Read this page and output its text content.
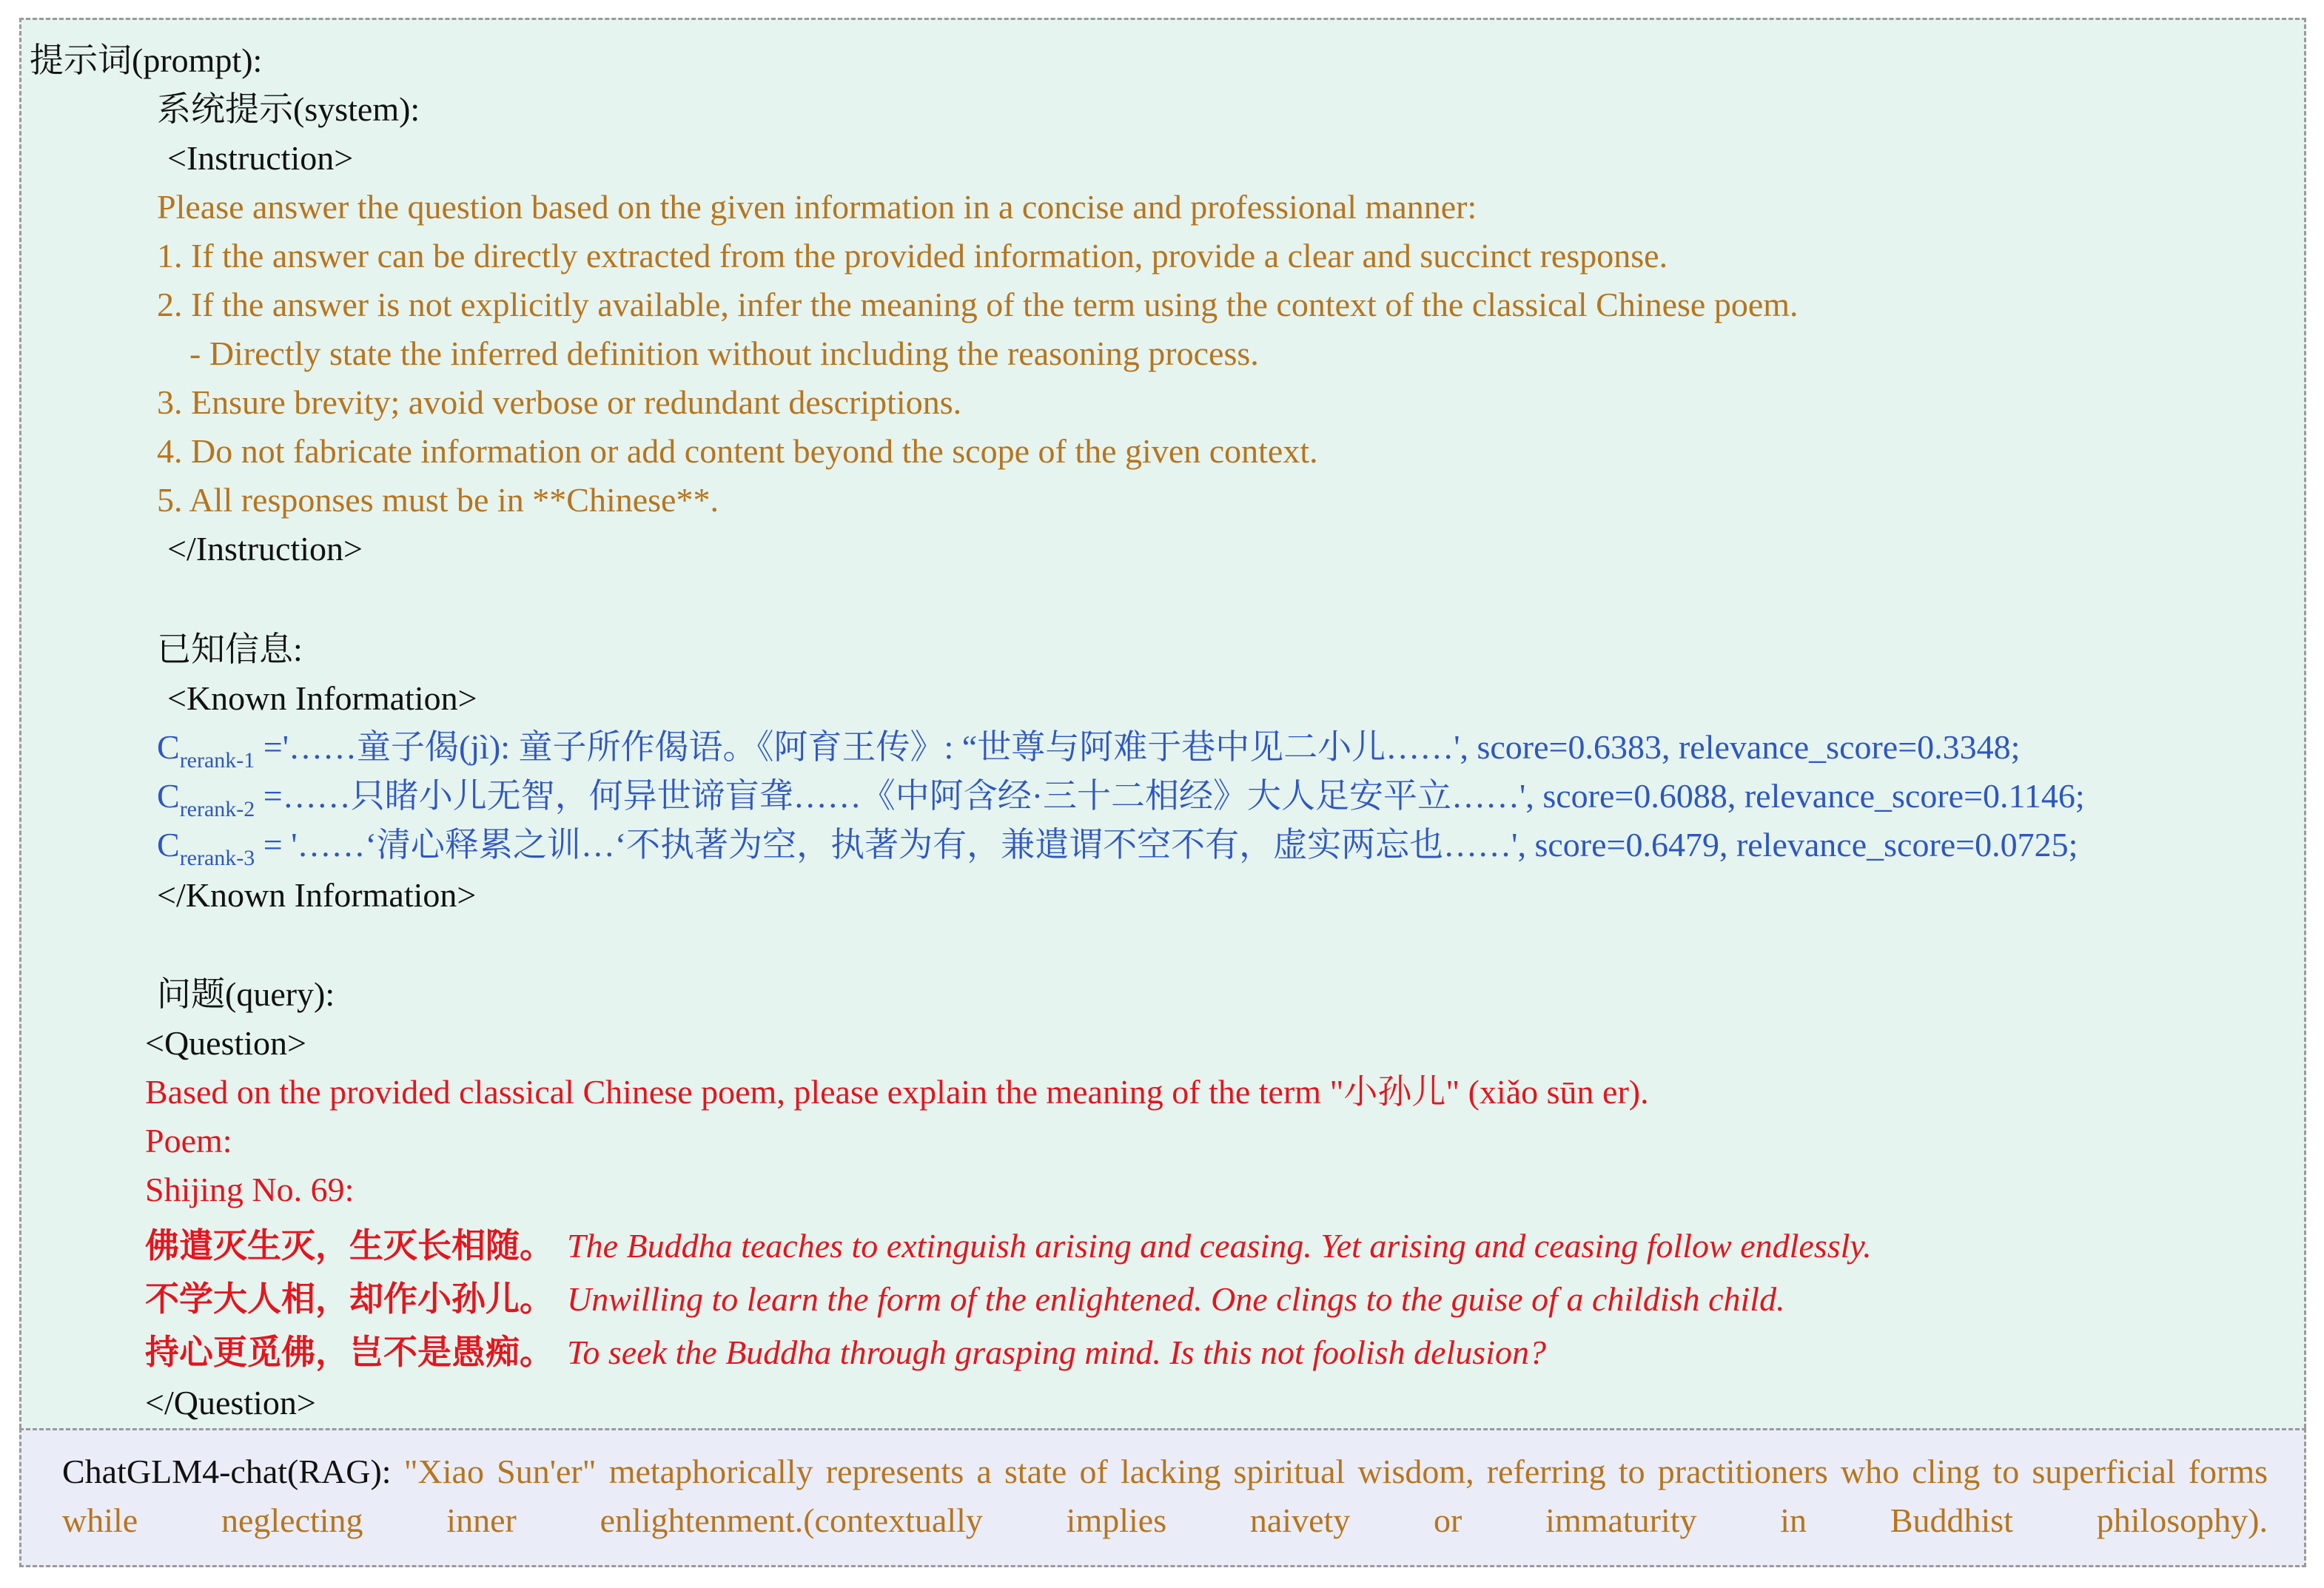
提示词(prompt):
系统提示(system):
<Instruction>
Please answer the question based on the given information in a concise and professional manner:
1. If the answer can be directly extracted from the provided information, provide a clear and succinct response.
2. If the answer is not explicitly available, infer the meaning of the term using the context of the classical Chinese poem.
- Directly state the inferred definition without including the reasoning process.
3. Ensure brevity; avoid verbose or redundant descriptions.
4. Do not fabricate information or add content beyond the scope of the given context.
5. All responses must be in **Chinese**.
</Instruction>
已知信息:
<Known Information>
$C_{rerank-1}$ ='……童子偈(jì): 童子所作偈语。《阿育王传》: “世尊与阿难于巷中见二小儿……', score=0.6383, relevance_score=0.3348;
$C_{rerank-2}$ =……只睹小儿无智，何异世谛盲聋……《中阿含经·三十二相经》大人足安平立……', score=0.6088, relevance_score=0.1146;
$C_{rerank-3}$ = '……‘清心释累之训…‘不执著为空，执著为有，兼遣谓不空不有，虚实两忘也……', score=0.6479, relevance_score=0.0725;
</Known Information>
问题(query):
<Question>
Based on the provided classical Chinese poem, please explain the meaning of the term "小孙儿" (xiǎo sūn er).
Poem:
Shijing No. 69:
佛遣灭生灭，生灭长相随。 The Buddha teaches to extinguish arising and ceasing. Yet arising and ceasing follow endlessly.
不学大人相，却作小孙儿。 Unwilling to learn the form of the enlightened. One clings to the guise of a childish child.
持心更觅佛，岂不是愚痴。 To seek the Buddha through grasping mind. Is this not foolish delusion?
</Question>
ChatGLM4-chat(RAG): "Xiao Sun'er" metaphorically represents a state of lacking spiritual wisdom, referring to practitioners who cling to superficial forms while neglecting inner enlightenment.(contextually implies naivety or immaturity in Buddhist philosophy).
